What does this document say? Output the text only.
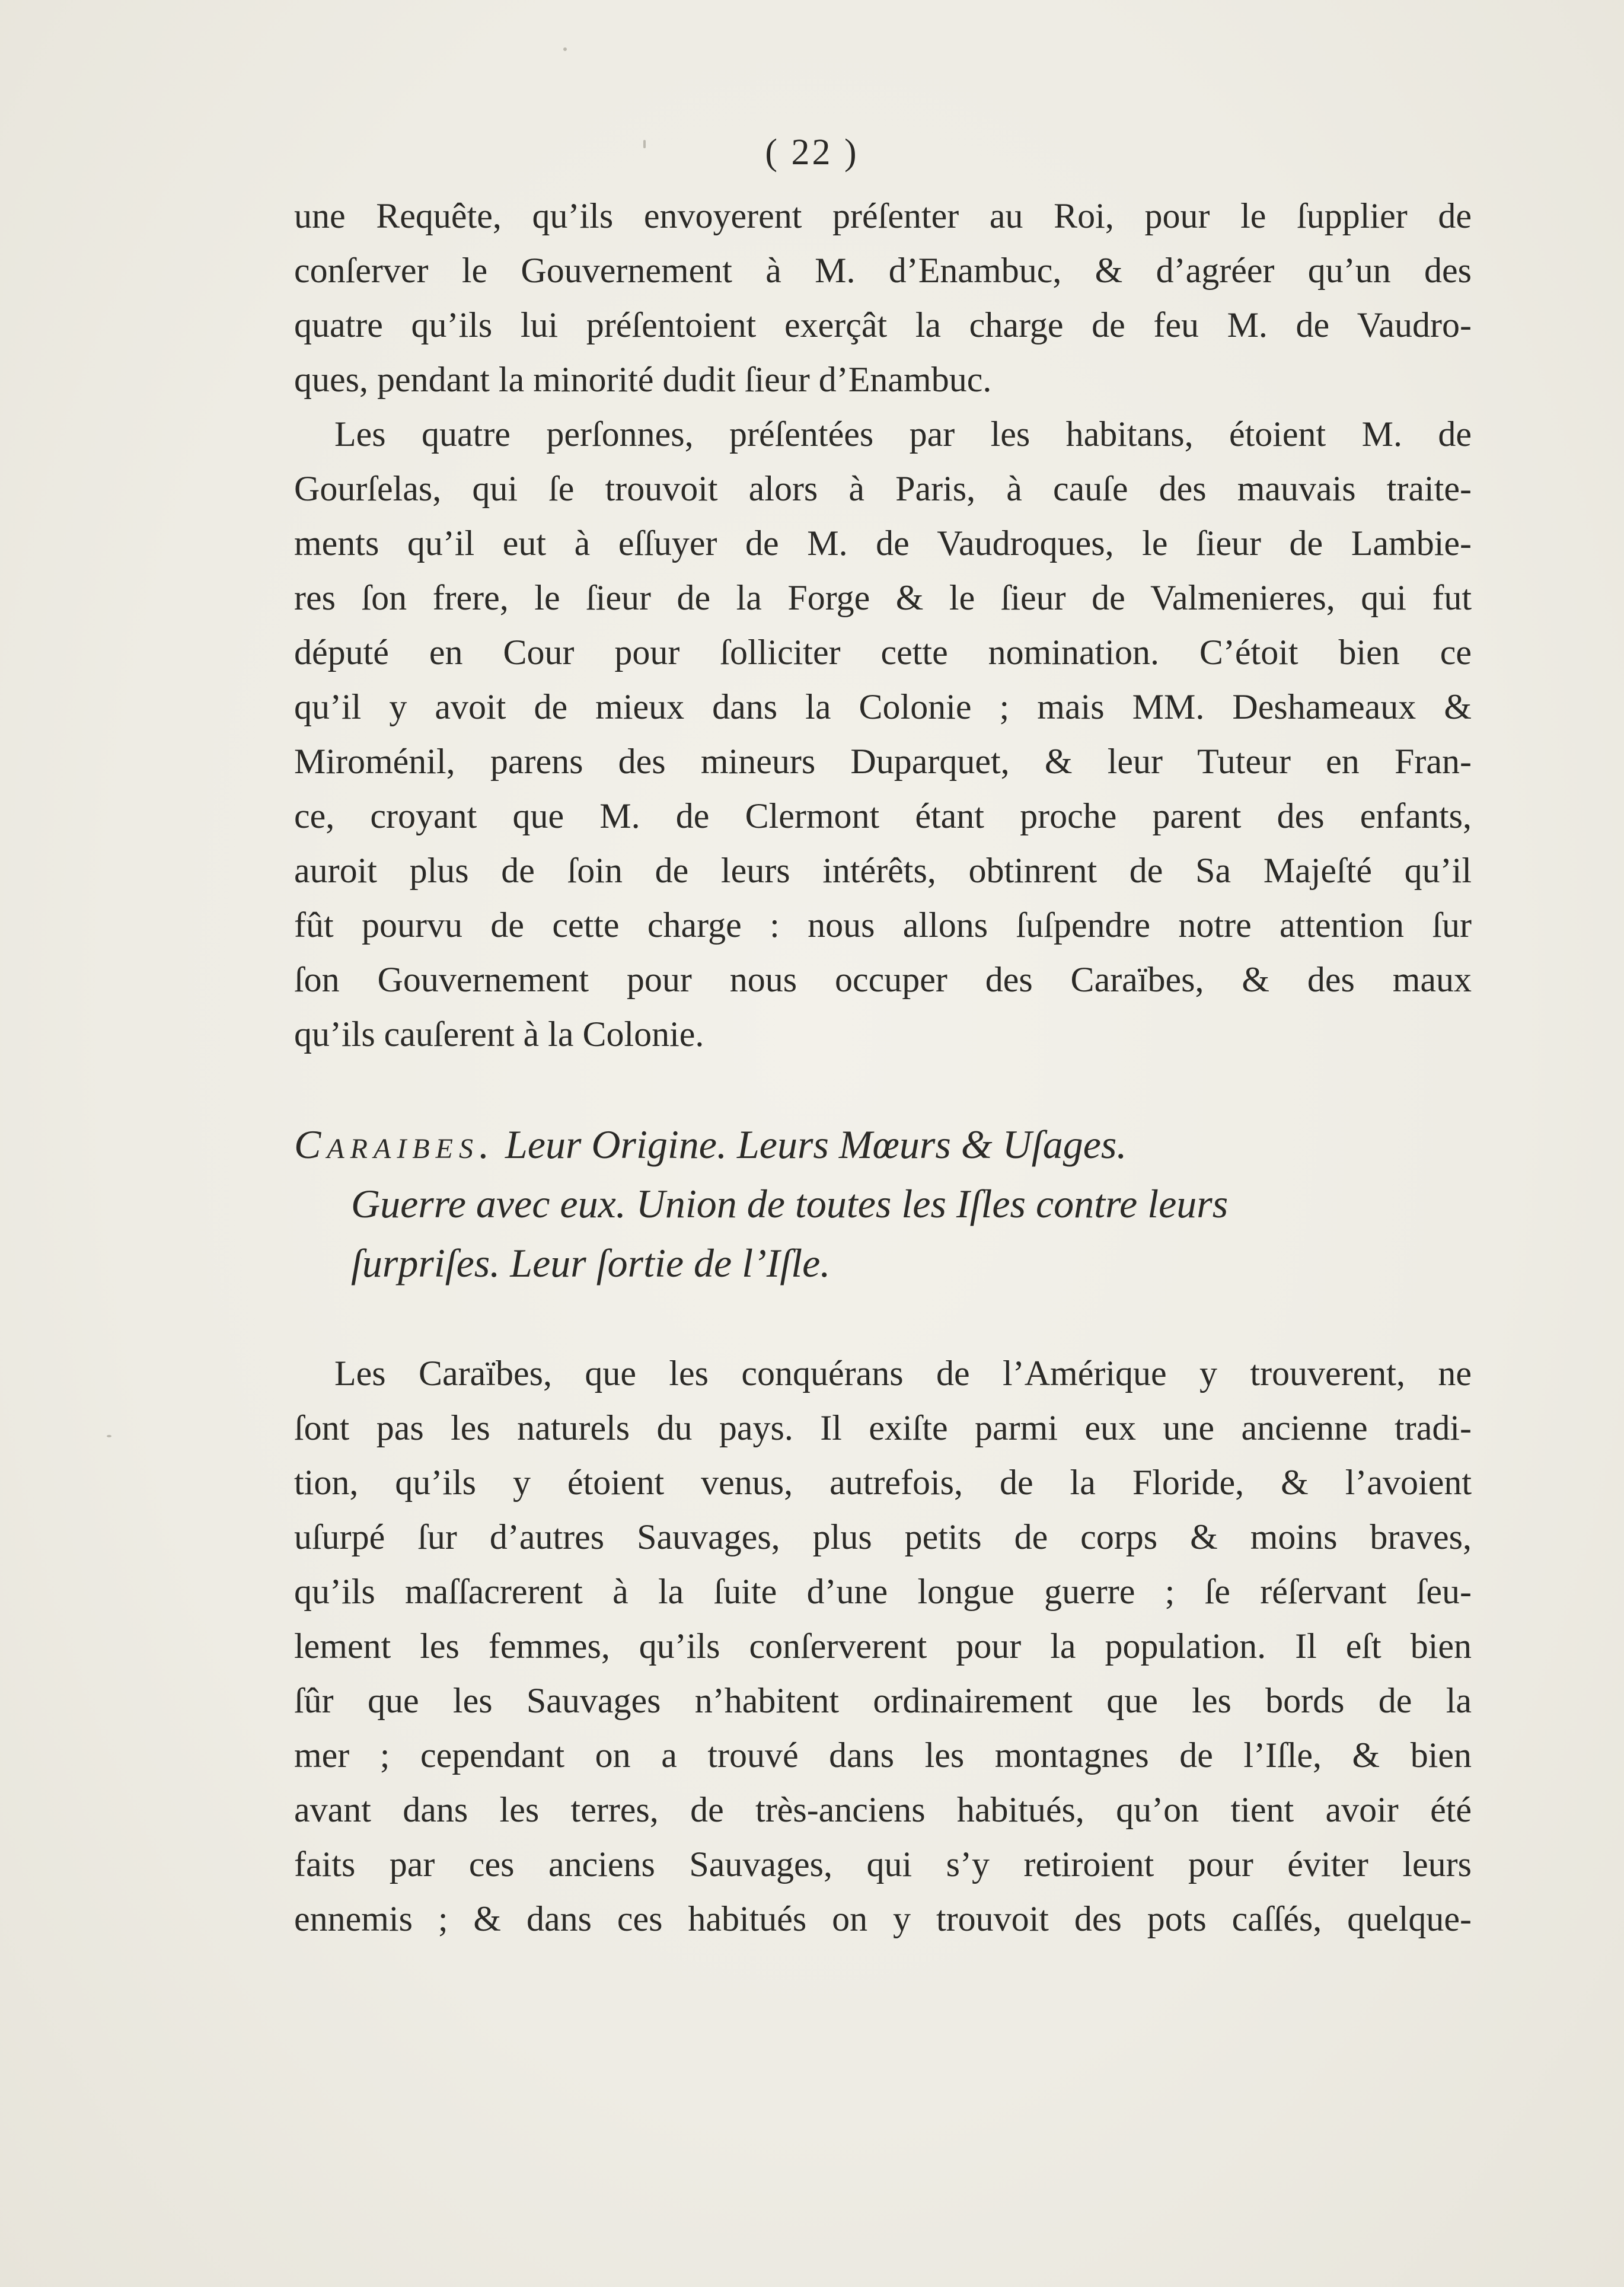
( 22 )
une Requête, qu’ils envoyerent préſenter au Roi, pour le ſupplier de
conſerver le Gouvernement à M. d’Enambuc, & d’agréer qu’un des
quatre qu’ils lui préſentoient exerçât la charge de feu M. de Vaudro-
ques, pendant la minorité dudit ſieur d’Enambuc.
Les quatre perſonnes, préſentées par les habitans, étoient M. de
Gourſelas, qui ſe trouvoit alors à Paris, à cauſe des mauvais traite-
ments qu’il eut à eſſuyer de M. de Vaudroques, le ſieur de Lambie-
res ſon frere, le ſieur de la Forge & le ſieur de Valmenieres, qui fut
député en Cour pour ſolliciter cette nomination. C’étoit bien ce
qu’il y avoit de mieux dans la Colonie ; mais MM. Deshameaux &
Miroménil, parens des mineurs Duparquet, & leur Tuteur en Fran-
ce, croyant que M. de Clermont étant proche parent des enfants,
auroit plus de ſoin de leurs intérêts, obtinrent de Sa Majeſté qu’il
fût pourvu de cette charge : nous allons ſuſpendre notre attention ſur
ſon Gouvernement pour nous occuper des Caraïbes, & des maux
qu’ils cauſerent à la Colonie.
Caraibes. Leur Origine. Leurs Mœurs & Uſages.
Guerre avec eux. Union de toutes les Iſles contre leurs
ſurpriſes. Leur ſortie de l’Iſle.
Les Caraïbes, que les conquérans de l’Amérique y trouverent, ne
ſont pas les naturels du pays. Il exiſte parmi eux une ancienne tradi-
tion, qu’ils y étoient venus, autrefois, de la Floride, & l’avoient
uſurpé ſur d’autres Sauvages, plus petits de corps & moins braves,
qu’ils maſſacrerent à la ſuite d’une longue guerre ; ſe réſervant ſeu-
lement les femmes, qu’ils conſerverent pour la population. Il eſt bien
ſûr que les Sauvages n’habitent ordinairement que les bords de la
mer ; cependant on a trouvé dans les montagnes de l’Iſle, & bien
avant dans les terres, de très-anciens habitués, qu’on tient avoir été
faits par ces anciens Sauvages, qui s’y retiroient pour éviter leurs
ennemis ; & dans ces habitués on y trouvoit des pots caſſés, quelque-
